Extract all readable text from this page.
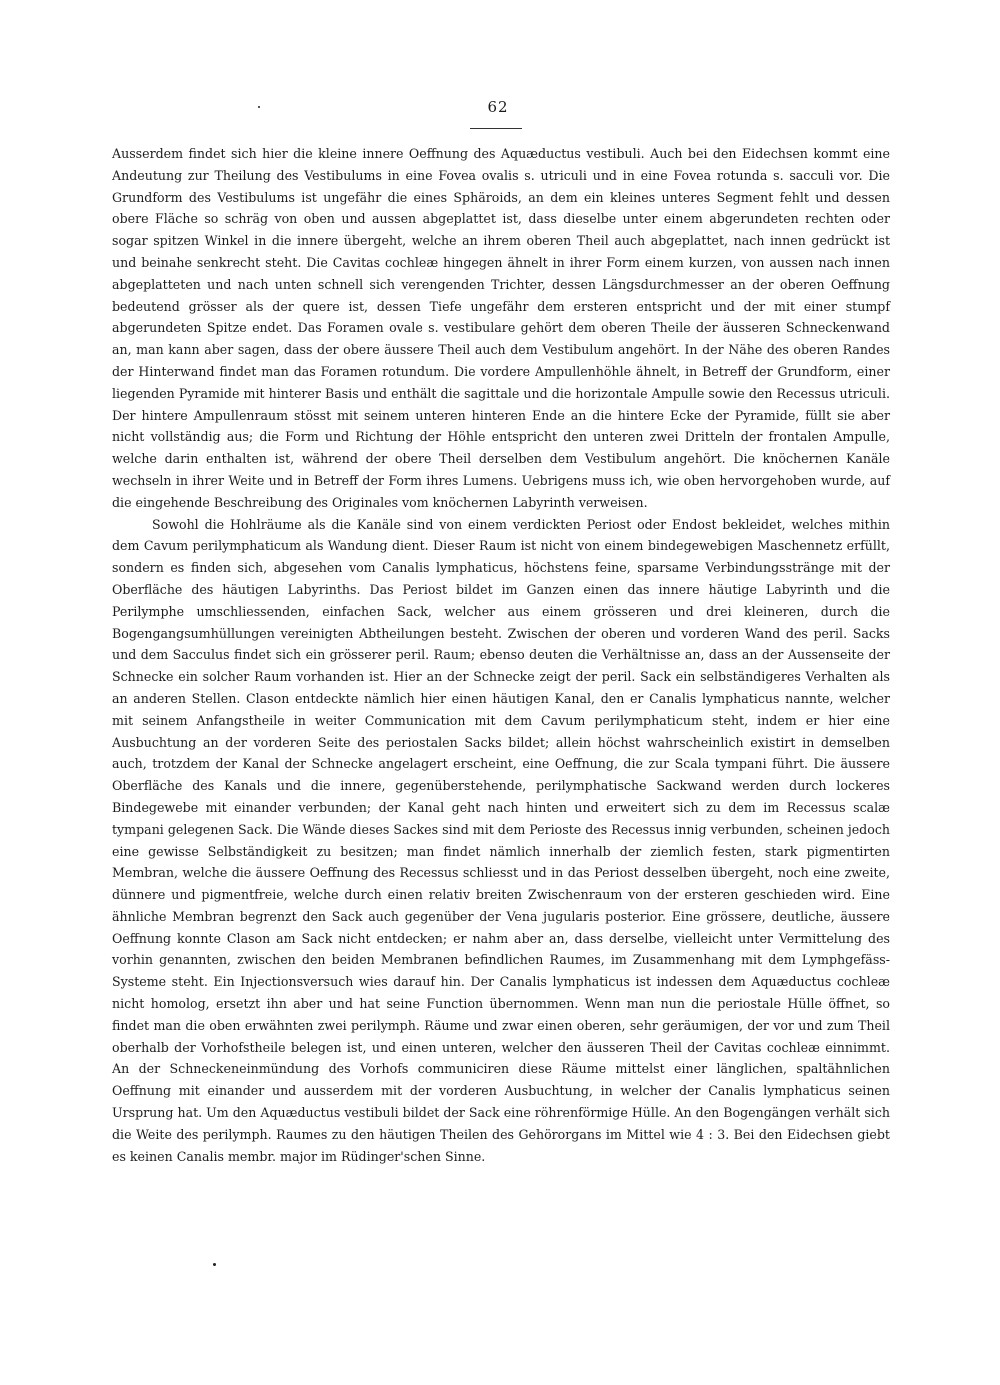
62

Ausserdem findet sich hier die kleine innere Oeffnung des Aquæductus vestibuli. Auch bei den Eidechsen kommt eine Andeutung zur Theilung des Vestibulums in eine Fovea ovalis s. utriculi und in eine Fovea rotunda s. sacculi vor. Die Grundform des Vestibulums ist ungefähr die eines Sphäroids, an dem ein kleines unteres Segment fehlt und dessen obere Fläche so schräg von oben und aussen abgeplattet ist, dass dieselbe unter einem abgerundeten rechten oder sogar spitzen Winkel in die innere übergeht, welche an ihrem oberen Theil auch abgeplattet, nach innen gedrückt ist und beinahe senkrecht steht. Die Cavitas cochleæ hingegen ähnelt in ihrer Form einem kurzen, von aussen nach innen abgeplatteten und nach unten schnell sich verengenden Trichter, dessen Längsdurchmesser an der oberen Oeffnung bedeutend grösser als der quere ist, dessen Tiefe ungefähr dem ersteren entspricht und der mit einer stumpf abgerundeten Spitze endet. Das Foramen ovale s. vestibulare gehört dem oberen Theile der äusseren Schneckenwand an, man kann aber sagen, dass der obere äussere Theil auch dem Vestibulum angehört. In der Nähe des oberen Randes der Hinterwand findet man das Foramen rotundum. Die vordere Ampullenhöhle ähnelt, in Betreff der Grundform, einer liegenden Pyramide mit hinterer Basis und enthält die sagittale und die horizontale Ampulle sowie den Recessus utriculi. Der hintere Ampullenraum stösst mit seinem unteren hinteren Ende an die hintere Ecke der Pyramide, füllt sie aber nicht vollständig aus; die Form und Richtung der Höhle entspricht den unteren zwei Dritteln der frontalen Ampulle, welche darin enthalten ist, während der obere Theil derselben dem Vestibulum angehört. Die knöchernen Kanäle wechseln in ihrer Weite und in Betreff der Form ihres Lumens. Uebrigens muss ich, wie oben hervorgehoben wurde, auf die eingehende Beschreibung des Originales vom knöchernen Labyrinth verweisen.

Sowohl die Hohlräume als die Kanäle sind von einem verdickten Periost oder Endost bekleidet, welches mithin dem Cavum perilymphaticum als Wandung dient. Dieser Raum ist nicht von einem bindegewebigen Maschennetz erfüllt, sondern es finden sich, abgesehen vom Canalis lymphaticus, höchstens feine, sparsame Verbindungsstränge mit der Oberfläche des häutigen Labyrinths. Das Periost bildet im Ganzen einen das innere häutige Labyrinth und die Perilymphe umschliessenden, einfachen Sack, welcher aus einem grösseren und drei kleineren, durch die Bogengangsumhüllungen vereinigten Abtheilungen besteht. Zwischen der oberen und vorderen Wand des peril. Sacks und dem Sacculus findet sich ein grösserer peril. Raum; ebenso deuten die Verhältnisse an, dass an der Aussenseite der Schnecke ein solcher Raum vorhanden ist. Hier an der Schnecke zeigt der peril. Sack ein selbständigeres Verhalten als an anderen Stellen. Clason entdeckte nämlich hier einen häutigen Kanal, den er Canalis lymphaticus nannte, welcher mit seinem Anfangstheile in weiter Communication mit dem Cavum perilymphaticum steht, indem er hier eine Ausbuchtung an der vorderen Seite des periostalen Sacks bildet; allein höchst wahrscheinlich existirt in demselben auch, trotzdem der Kanal der Schnecke angelagert erscheint, eine Oeffnung, die zur Scala tympani führt. Die äussere Oberfläche des Kanals und die innere, gegenüberstehende, perilymphatische Sackwand werden durch lockeres Bindegewebe mit einander verbunden; der Kanal geht nach hinten und erweitert sich zu dem im Recessus scalæ tympani gelegenen Sack. Die Wände dieses Sackes sind mit dem Perioste des Recessus innig verbunden, scheinen jedoch eine gewisse Selbständigkeit zu besitzen; man findet nämlich innerhalb der ziemlich festen, stark pigmentirten Membran, welche die äussere Oeffnung des Recessus schliesst und in das Periost desselben übergeht, noch eine zweite, dünnere und pigmentfreie, welche durch einen relativ breiten Zwischenraum von der ersteren geschieden wird. Eine ähnliche Membran begrenzt den Sack auch gegenüber der Vena jugularis posterior. Eine grössere, deutliche, äussere Oeffnung konnte Clason am Sack nicht entdecken; er nahm aber an, dass derselbe, vielleicht unter Vermittelung des vorhin genannten, zwischen den beiden Membranen befindlichen Raumes, im Zusammenhang mit dem Lymphgefäss-Systeme steht. Ein Injectionsversuch wies darauf hin. Der Canalis lymphaticus ist indessen dem Aquæductus cochleæ nicht homolog, ersetzt ihn aber und hat seine Function übernommen. Wenn man nun die periostale Hülle öffnet, so findet man die oben erwähnten zwei perilymph. Räume und zwar einen oberen, sehr geräumigen, der vor und zum Theil oberhalb der Vorhofstheile belegen ist, und einen unteren, welcher den äusseren Theil der Cavitas cochleæ einnimmt. An der Schneckeneinmündung des Vorhofs communiciren diese Räume mittelst einer länglichen, spaltähnlichen Oeffnung mit einander und ausserdem mit der vorderen Ausbuchtung, in welcher der Canalis lymphaticus seinen Ursprung hat. Um den Aquæductus vestibuli bildet der Sack eine röhrenförmige Hülle. An den Bogengängen verhält sich die Weite des perilymph. Raumes zu den häutigen Theilen des Gehörorgans im Mittel wie 4 : 3. Bei den Eidechsen giebt es keinen Canalis membr. major im Rüdinger'schen Sinne.
